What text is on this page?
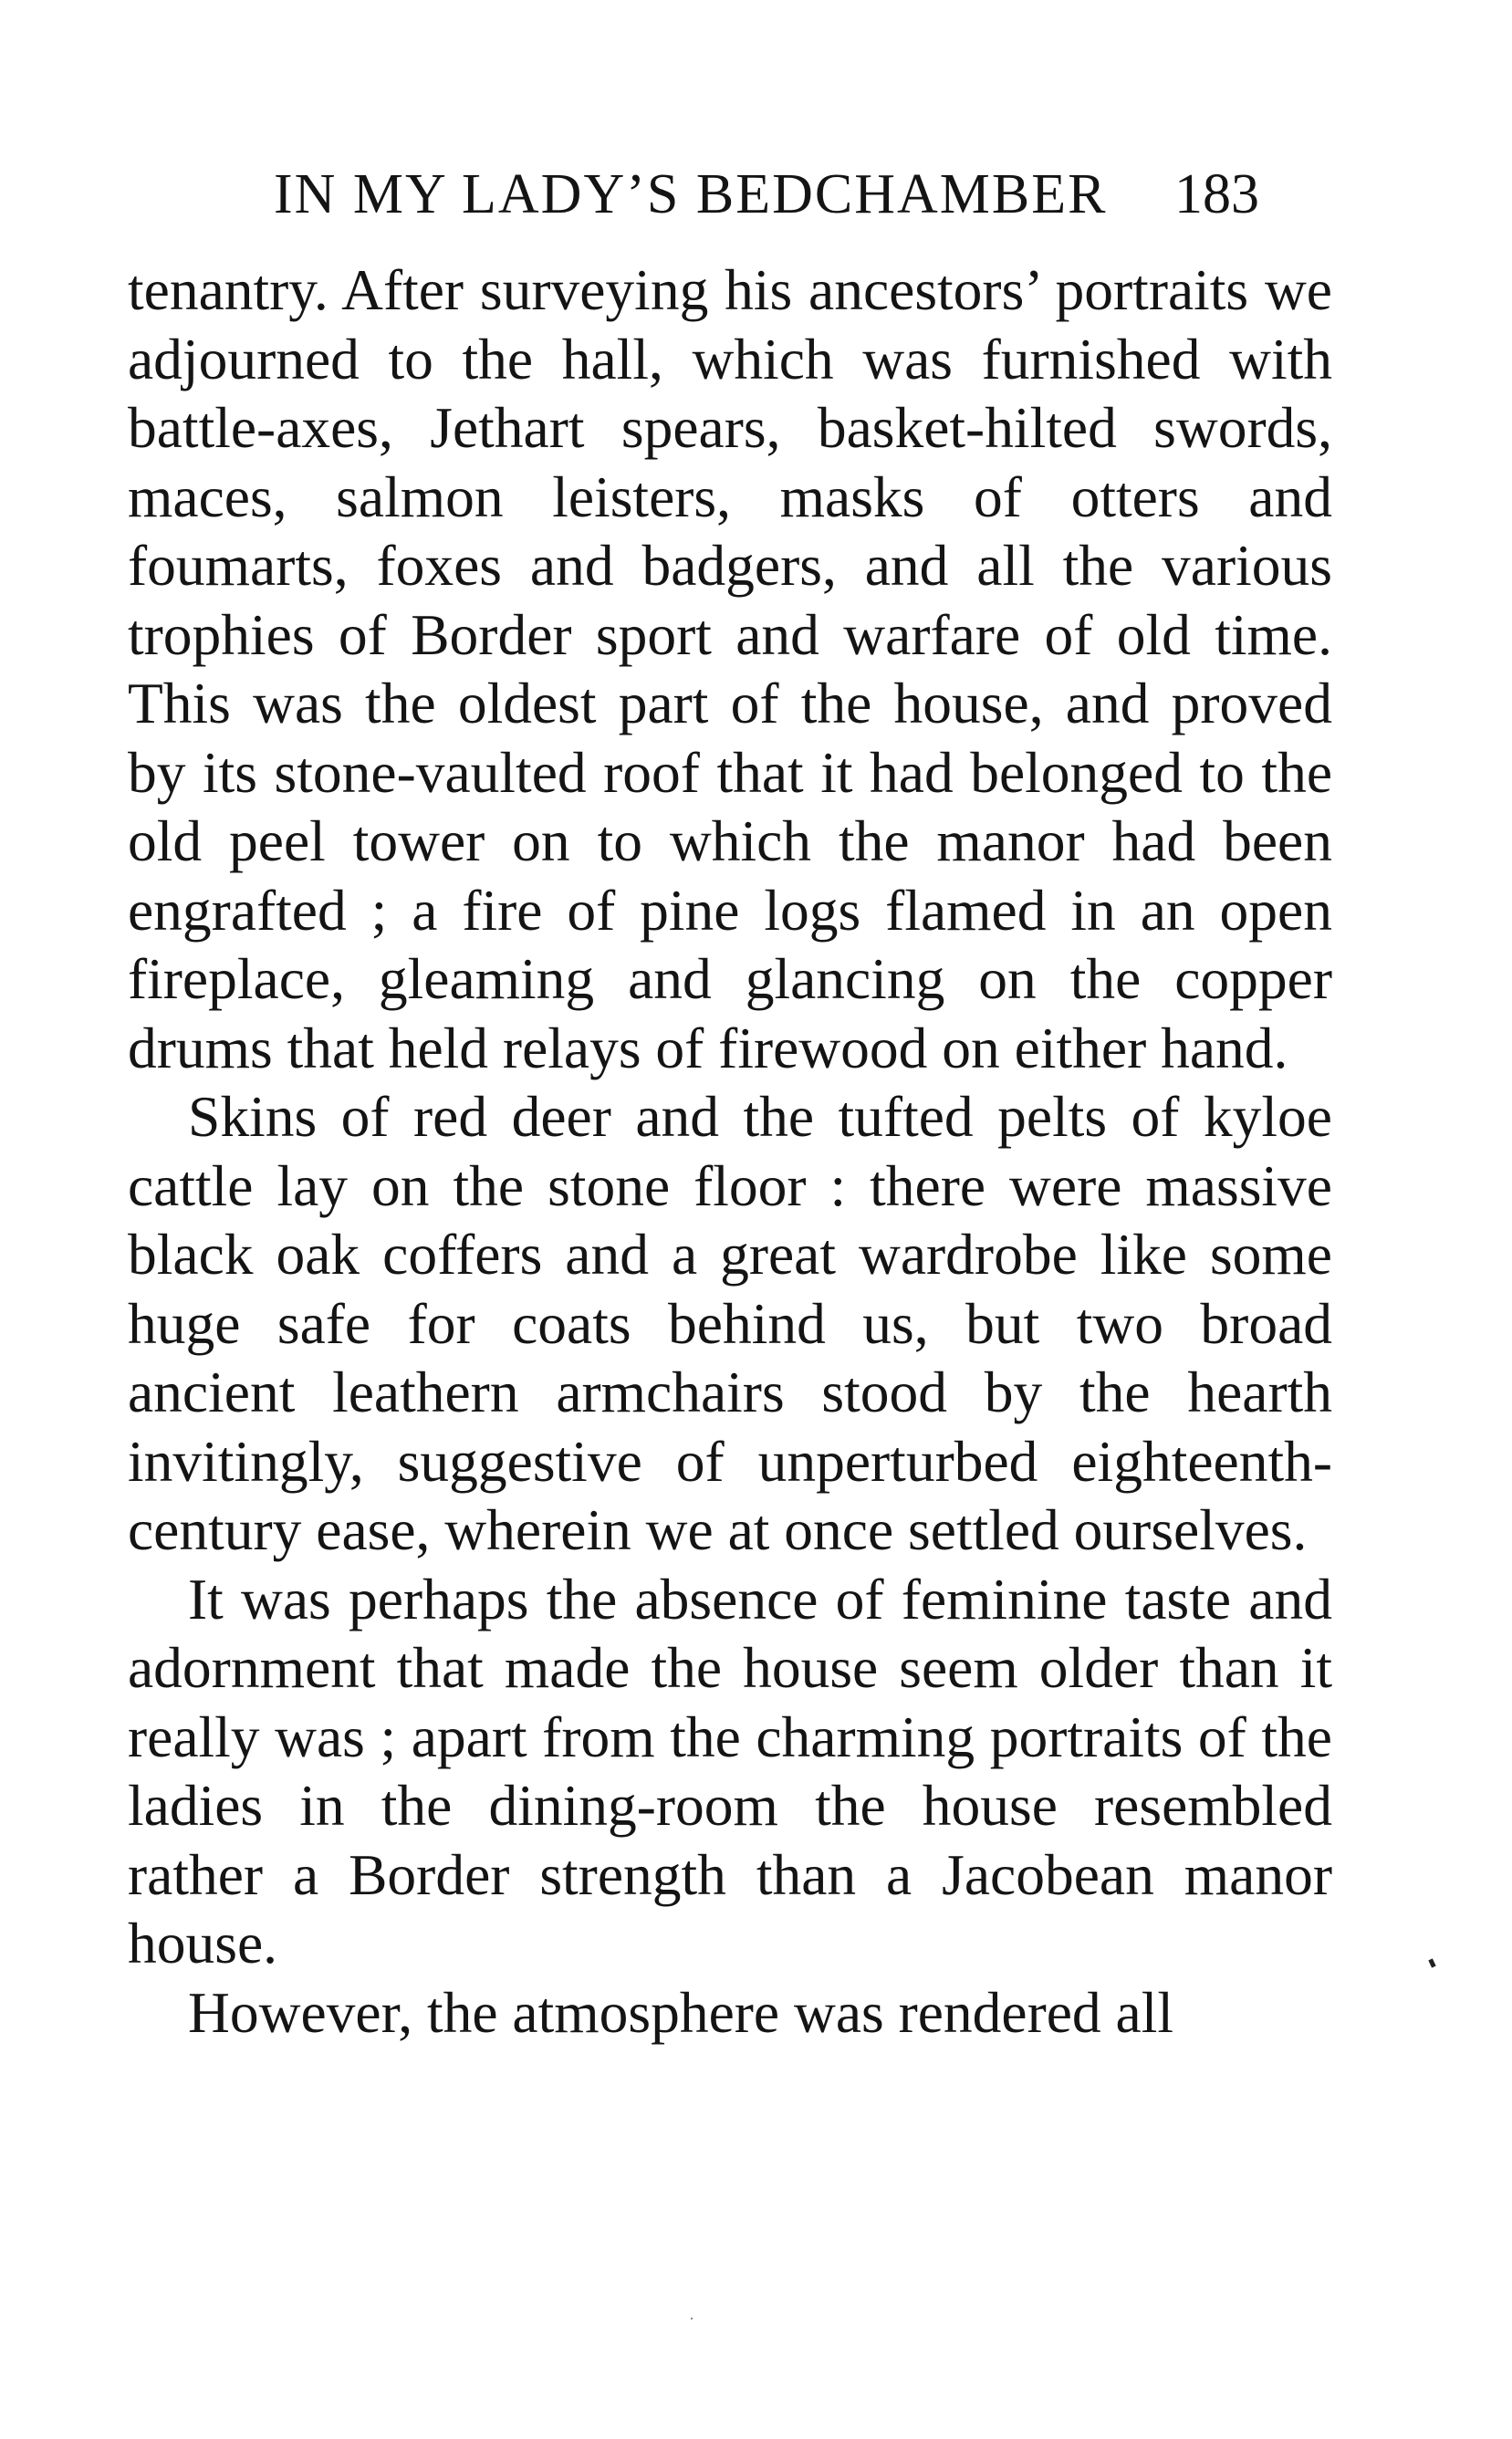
IN MY LADY’S BEDCHAMBER 183

tenantry. After surveying his ancestors’ portraits we adjourned to the hall, which was furnished with battle-axes, Jethart spears, basket-hilted swords, maces, salmon leisters, masks of otters and foumarts, foxes and badgers, and all the various trophies of Border sport and warfare of old time. This was the oldest part of the house, and proved by its stone-vaulted roof that it had belonged to the old peel tower on to which the manor had been engrafted ; a fire of pine logs flamed in an open fireplace, gleaming and glancing on the copper drums that held relays of firewood on either hand.

Skins of red deer and the tufted pelts of kyloe cattle lay on the stone floor : there were massive black oak coffers and a great wardrobe like some huge safe for coats behind us, but two broad ancient leathern armchairs stood by the hearth invitingly, suggestive of unperturbed eighteenth-century ease, wherein we at once settled ourselves.

It was perhaps the absence of feminine taste and adornment that made the house seem older than it really was ; apart from the charming portraits of the ladies in the dining-room the house resembled rather a Border strength than a Jacobean manor house.

However, the atmosphere was rendered all
